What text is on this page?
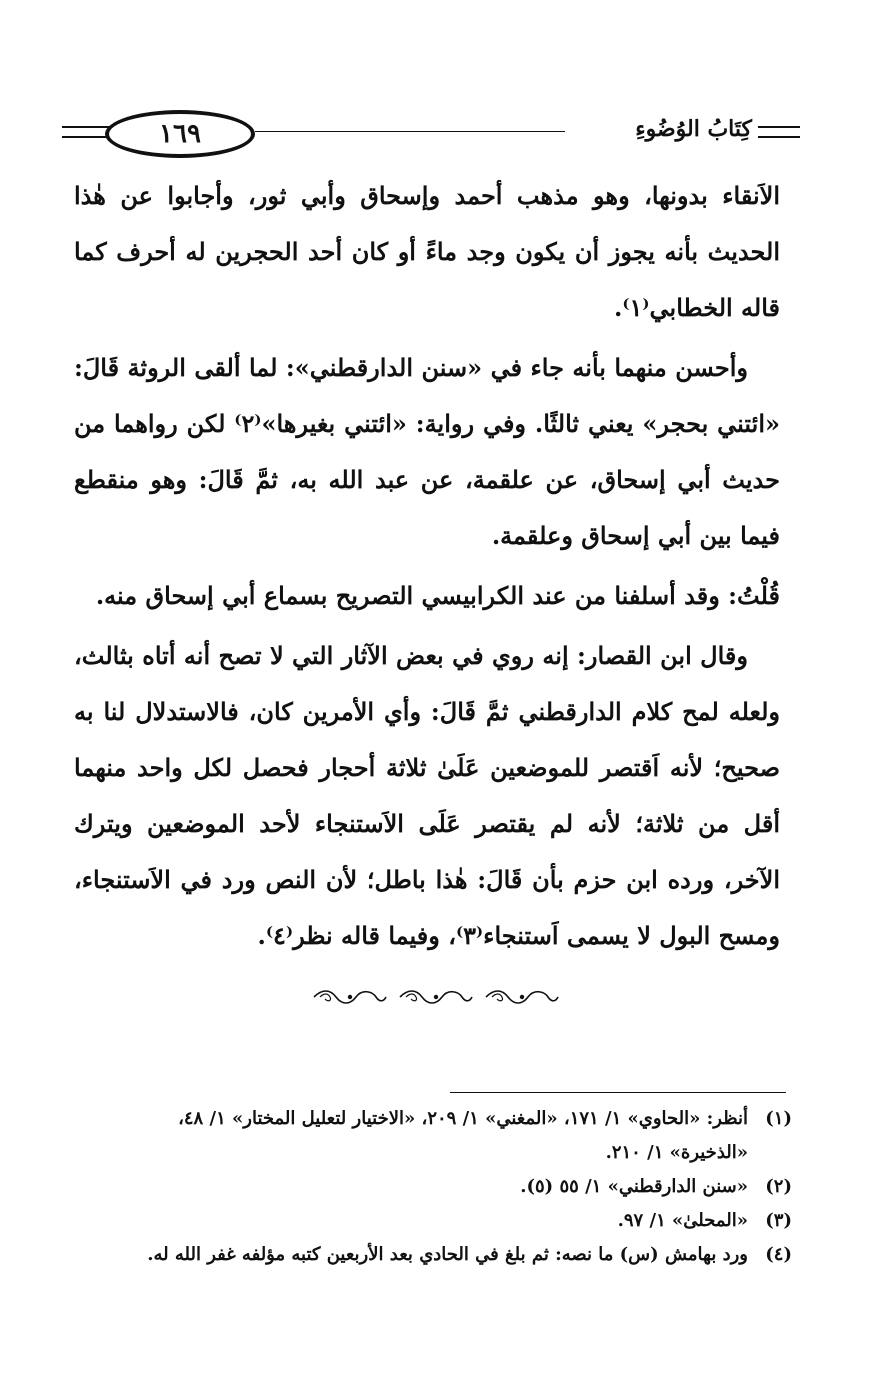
١٦٩	كِتَابُ الوُضُوءِ

الاَنقاء بدونها، وهو مذهب أحمد وإسحاق وأبي ثور، وأجابوا عن هٰذا الحديث بأنه يجوز أن يكون وجد ماءً أو كان أحد الحجرين له أحرف كما قاله الخطابي⁽١⁾.

وأحسن منهما بأنه جاء في «سنن الدارقطني»: لما ألقى الروثة قَالَ: «ائتني بحجر» يعني ثالثًا. وفي رواية: «ائتني بغيرها»⁽٢⁾ لكن رواهما من حديث أبي إسحاق، عن علقمة، عن عبد الله به، ثمَّ قَالَ: وهو منقطع فيما بين أبي إسحاق وعلقمة.

قُلْتُ: وقد أسلفنا من عند الكرابيسي التصريح بسماع أبي إسحاق منه.

وقال ابن القصار: إنه روي في بعض الآثار التي لا تصح أنه أتاه بثالث، ولعله لمح كلام الدارقطني ثمَّ قَالَ: وأي الأمرين كان، فالاستدلال لنا به صحيح؛ لأنه اَقتصر للموضعين عَلَىٰ ثلاثة أحجار فحصل لكل واحد منهما أقل من ثلاثة؛ لأنه لم يقتصر عَلَى الاَستنجاء لأحد الموضعين ويترك الآخر، ورده ابن حزم بأن قَالَ: هٰذا باطل؛ لأن النص ورد في الاَستنجاء، ومسح البول لا يسمى اَستنجاء⁽٣⁾، وفيما قاله نظر⁽٤⁾.

(١)
أنظر: «الحاوي» ١/ ١٧١، «المغني» ١/ ٢٠٩، «الاختيار لتعليل المختار» ١/ ٤٨،
«الذخيرة» ١/ ٢١٠.

(٢)
«سنن الدارقطني» ١/ ٥٥ (٥).

(٣)
«المحلىٰ» ١/ ٩٧.

(٤)
ورد بهامش (س) ما نصه: ثم بلغ في الحادي بعد الأربعين كتبه مؤلفه غفر الله له.
